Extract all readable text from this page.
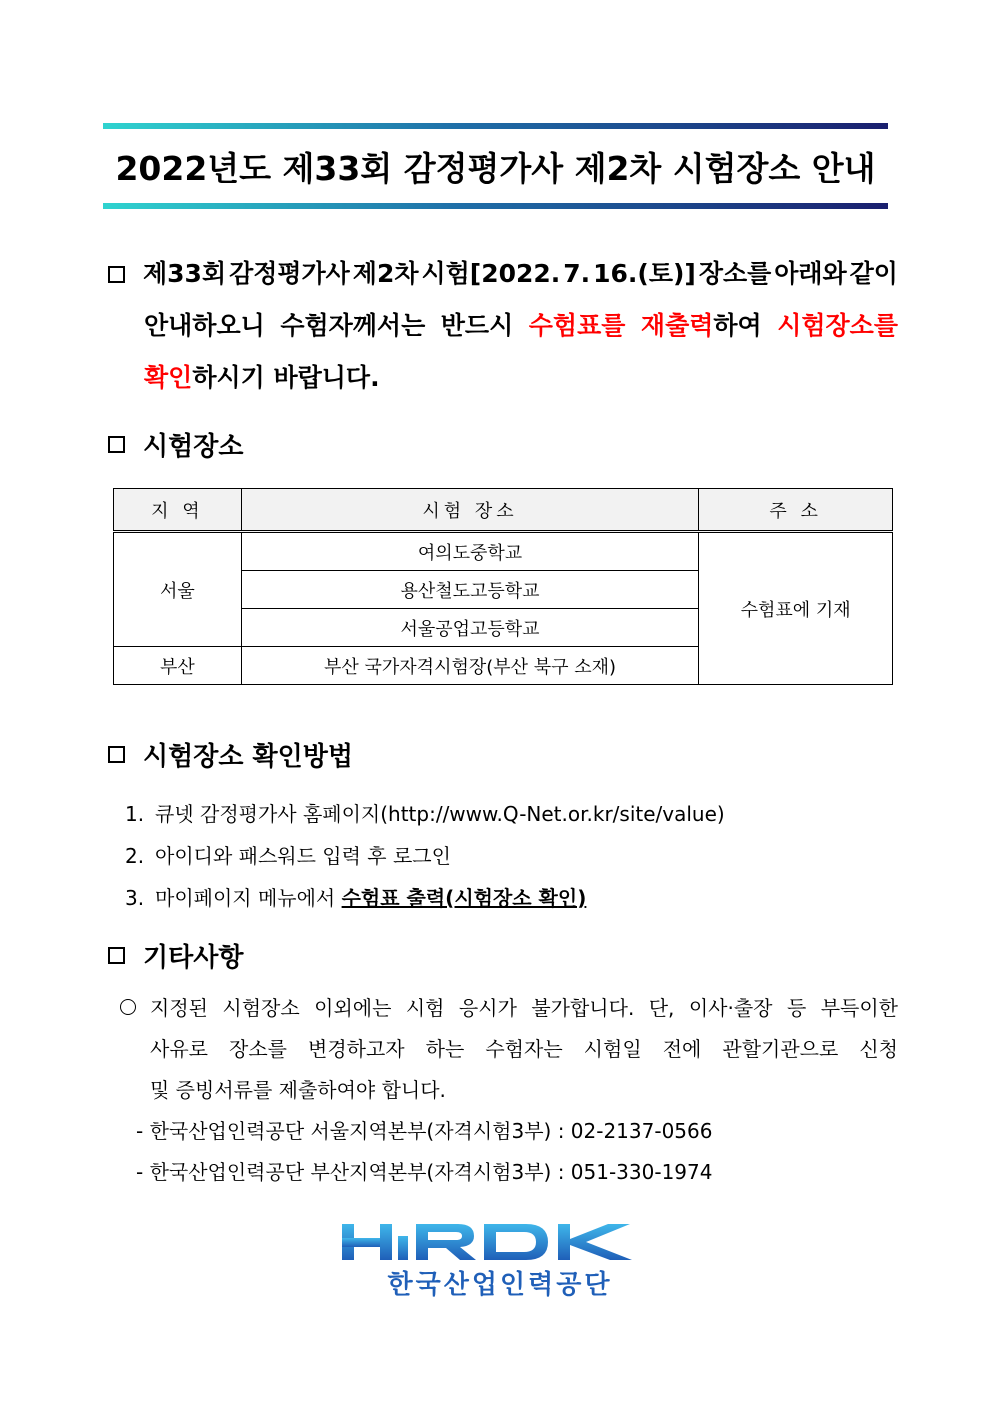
2022년도 제33회 감정평가사 제2차 시험장소 안내
제33회 감정평가사 제2차 시험[2022. 7. 16.(토)] 장소를 아래와 같이
안내하오니 수험자께서는 반드시 수험표를 재출력하여 시험장소를
확인하시기 바랍니다.
시험장소
지 역	시험 장소	주 소
서울	여의도중학교	수험표에 기재
	용산철도고등학교	
	서울공업고등학교	
부산	부산 국가자격시험장(부산 북구 소재)	
시험장소 확인방법
1. 큐넷 감정평가사 홈페이지(http://www.Q-Net.or.kr/site/value)
2. 아이디와 패스워드 입력 후 로그인
3. 마이페이지 메뉴에서 수험표 출력(시험장소 확인)
기타사항
지정된 시험장소 이외에는 시험 응시가 불가합니다. 단, 이사·출장 등 부득이한
사유로 장소를 변경하고자 하는 수험자는 시험일 전에 관할기관으로 신청
및 증빙서류를 제출하여야 합니다.
- 한국산업인력공단 서울지역본부(자격시험3부) : 02-2137-0566
- 한국산업인력공단 부산지역본부(자격시험3부) : 051-330-1974
한국산업인력공단
